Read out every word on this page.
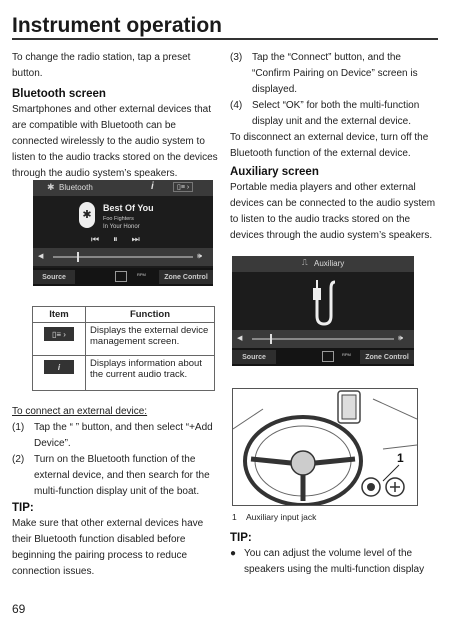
Instrument operation
To change the radio station, tap a preset button.
Bluetooth screen
Smartphones and other external devices that are compatible with Bluetooth can be connected wirelessly to the audio system to listen to the audio tracks stored on the devices through the audio system’s speakers.
✱ Bluetooth	i	▯≡ ›
✱
Best Of You
Foo Fighters
In Your Honor
⏮⏸⏭
◀	🕪
Source
	RPM	Zone Control
Item	Function

▯≡ ›	Displays the external device management screen.

i	Displays information about the current audio track.
To connect an external device:
(1) Tap the “ ” button, and then select “+Add Device”.
(2) Turn on the Bluetooth function of the external device, and then search for the multi-function display unit of the boat.
TIP:
Make sure that other external devices have their Bluetooth function disabled before beginning the pairing process to reduce connection issues.
(3) Tap the “Connect” button, and the “Confirm Pairing on Device” screen is displayed.
(4) Select “OK” for both the multi-function display unit and the external device.
To disconnect an external device, turn off the Bluetooth function of the external device.
Auxiliary screen
Portable media players and other external devices can be connected to the audio system to listen to the audio tracks stored on the devices through the audio system’s speakers.
⎍ Auxiliary
◀	🕪
Source
	RPM	Zone Control
1
1 Auxiliary input jack
TIP:
● You can adjust the volume level of the speakers using the multi-function display
69
